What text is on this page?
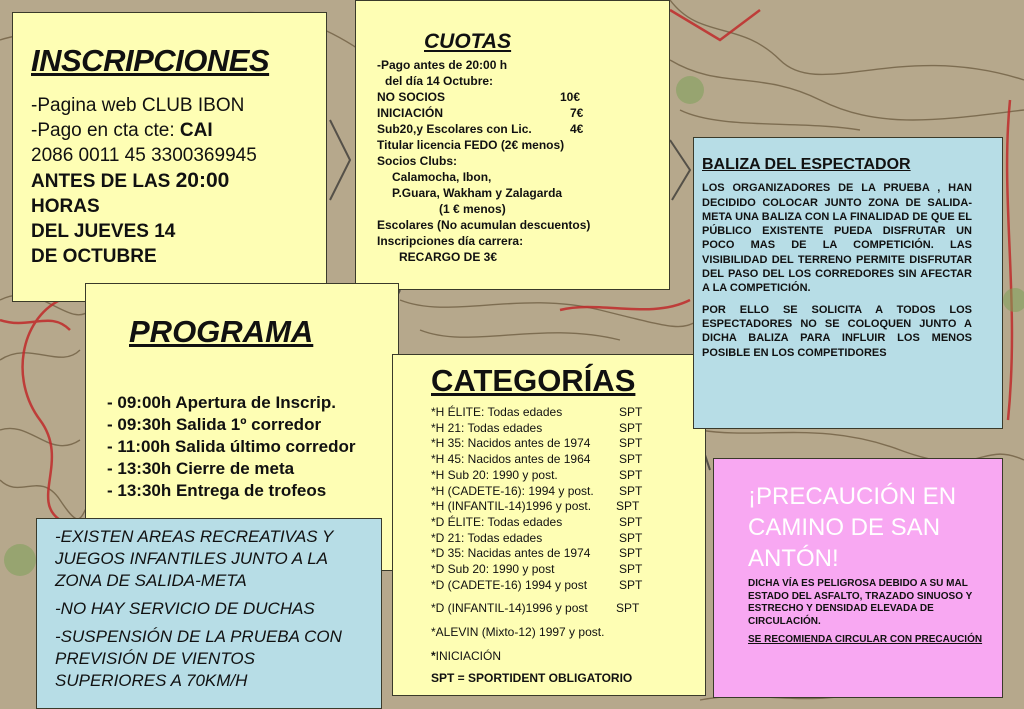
INSCRIPCIONES
-Pagina web CLUB IBON
-Pago en cta cte: CAI
2086 0011 45 3300369945
ANTES DE LAS 20:00
HORAS
DEL JUEVES 14
DE OCTUBRE
CUOTAS
-Pago antes de 20:00 h
del día 14 Octubre:
NO SOCIOS	10€
INICIACIÓN	7€
Sub20,y Escolares con Lic.	4€
Titular licencia FEDO (2€ menos)
Socios Clubs:
Calamocha, Ibon,
P.Guara, Wakham y Zalagarda
(1 € menos)
Escolares (No acumulan descuentos)
Inscripciones día carrera:
RECARGO DE 3€
PROGRAMA
- 09:00h Apertura de Inscrip.
- 09:30h Salida 1º corredor
- 11:00h Salida último corredor
- 13:30h Cierre de meta
- 13:30h Entrega de trofeos
CATEGORÍAS
*H ÉLITE: Todas edades	SPT
*H 21: Todas edades	SPT
*H 35: Nacidos antes de 1974 SPT
*H 45: Nacidos antes de 1964 SPT
*H Sub 20: 1990 y post.	SPT
*H (CADETE-16): 1994 y post. SPT
*H (INFANTIL-14)1996 y post. SPT
*D ÉLITE: Todas edades	SPT
*D 21: Todas edades	SPT
*D 35: Nacidas antes de 1974 SPT
*D Sub 20: 1990 y post	SPT
*D (CADETE-16) 1994 y post	SPT
*D (INFANTIL-14)1996 y post SPT
*ALEVIN (Mixto-12) 1997 y post.
*INICIACIÓN
SPT = SPORTIDENT OBLIGATORIO
BALIZA DEL ESPECTADOR

LOS ORGANIZADORES DE LA PRUEBA , HAN DECIDIDO COLOCAR JUNTO ZONA DE SALIDA-META UNA BALIZA CON LA FINALIDAD DE QUE EL PÚBLICO EXISTENTE PUEDA DISFRUTAR UN POCO MAS DE LA COMPETICIÓN. LAS VISIBILIDAD DEL TERRENO PERMITE DISFRUTAR DEL PASO DEL LOS CORREDORES SIN AFECTAR A LA COMPETICIÓN.

POR ELLO SE SOLICITA A TODOS LOS ESPECTADORES NO SE COLOQUEN JUNTO A DICHA BALIZA PARA INFLUIR LOS MENOS POSIBLE EN LOS COMPETIDORES

-EXISTEN AREAS RECREATIVAS Y JUEGOS INFANTILES JUNTO A LA ZONA DE SALIDA-META

-NO HAY SERVICIO DE DUCHAS

-SUSPENSIÓN DE LA PRUEBA CON PREVISIÓN DE VIENTOS SUPERIORES A 70KM/H

¡PRECAUCIÓN EN CAMINO DE SAN ANTÓN!

DICHA VÍA ES PELIGROSA DEBIDO A SU MAL ESTADO DEL ASFALTO, TRAZADO SINUOSO Y ESTRECHO Y DENSIDAD ELEVADA DE CIRCULACIÓN.

SE RECOMIENDA CIRCULAR CON PRECAUCIÓN
